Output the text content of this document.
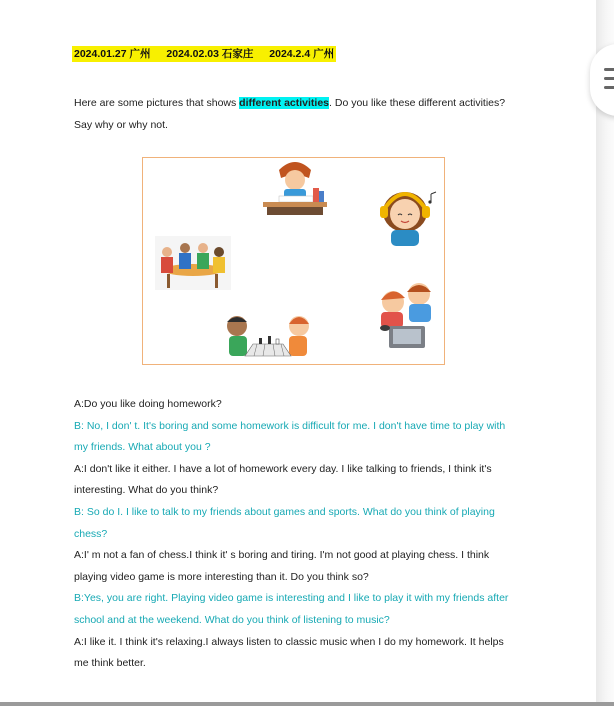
2024.01.27 广州 2024.02.03 石家庄 2024.2.4 广州
Here are some pictures that shows different activities. Do you like these different activities?
Say why or why not.
A:Do you like doing homework?
B: No, I don' t. It's boring and some homework is difficult for me. I don't have time to play with
my friends. What about you ?
A:I don't like it either. I have a lot of homework every day. I like talking to friends, I think it's
interesting. What do you think?
B: So do I. I like to talk to my friends about games and sports. What do you think of playing
chess?
A:I' m not a fan of chess.I think it' s boring and tiring. I'm not good at playing chess. I think
playing video game is more interesting than it. Do you think so?
B:Yes, you are right. Playing video game is interesting and I like to play it with my friends after
school and at the weekend. What do you think of listening to music?
A:I like it. I think it's relaxing.I always listen to classic music when I do my homework. It helps
me think better.
